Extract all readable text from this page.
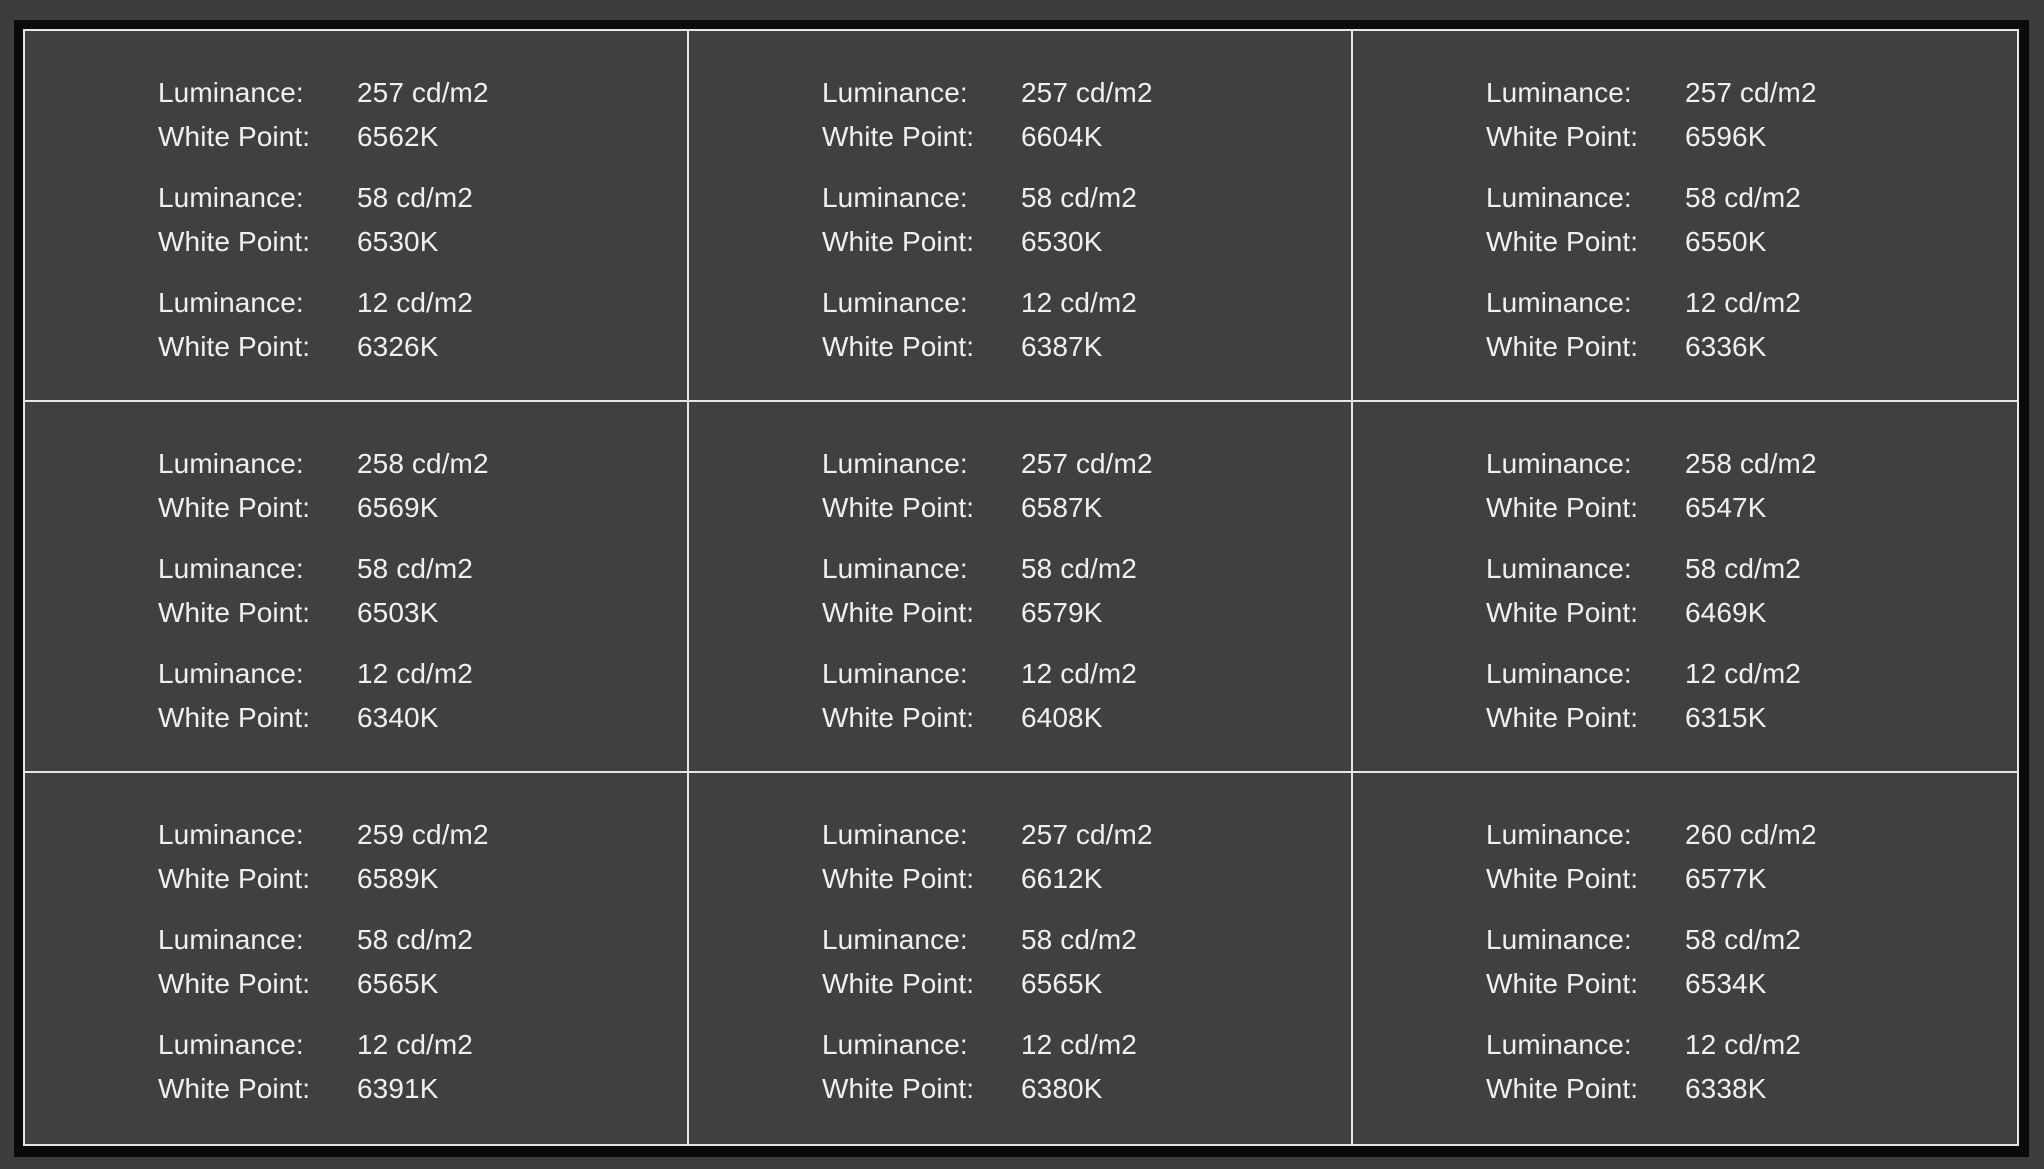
Luminance:	257 cd/m2
White Point:	6562K
Luminance:	58 cd/m2
White Point:	6530K
Luminance:	12 cd/m2
White Point:	6326K
Luminance:	257 cd/m2
White Point:	6604K
Luminance:	58 cd/m2
White Point:	6530K
Luminance:	12 cd/m2
White Point:	6387K
Luminance:	257 cd/m2
White Point:	6596K
Luminance:	58 cd/m2
White Point:	6550K
Luminance:	12 cd/m2
White Point:	6336K
Luminance:	258 cd/m2
White Point:	6569K
Luminance:	58 cd/m2
White Point:	6503K
Luminance:	12 cd/m2
White Point:	6340K
Luminance:	257 cd/m2
White Point:	6587K
Luminance:	58 cd/m2
White Point:	6579K
Luminance:	12 cd/m2
White Point:	6408K
Luminance:	258 cd/m2
White Point:	6547K
Luminance:	58 cd/m2
White Point:	6469K
Luminance:	12 cd/m2
White Point:	6315K
Luminance:	259 cd/m2
White Point:	6589K
Luminance:	58 cd/m2
White Point:	6565K
Luminance:	12 cd/m2
White Point:	6391K
Luminance:	257 cd/m2
White Point:	6612K
Luminance:	58 cd/m2
White Point:	6565K
Luminance:	12 cd/m2
White Point:	6380K
Luminance:	260 cd/m2
White Point:	6577K
Luminance:	58 cd/m2
White Point:	6534K
Luminance:	12 cd/m2
White Point:	6338K
